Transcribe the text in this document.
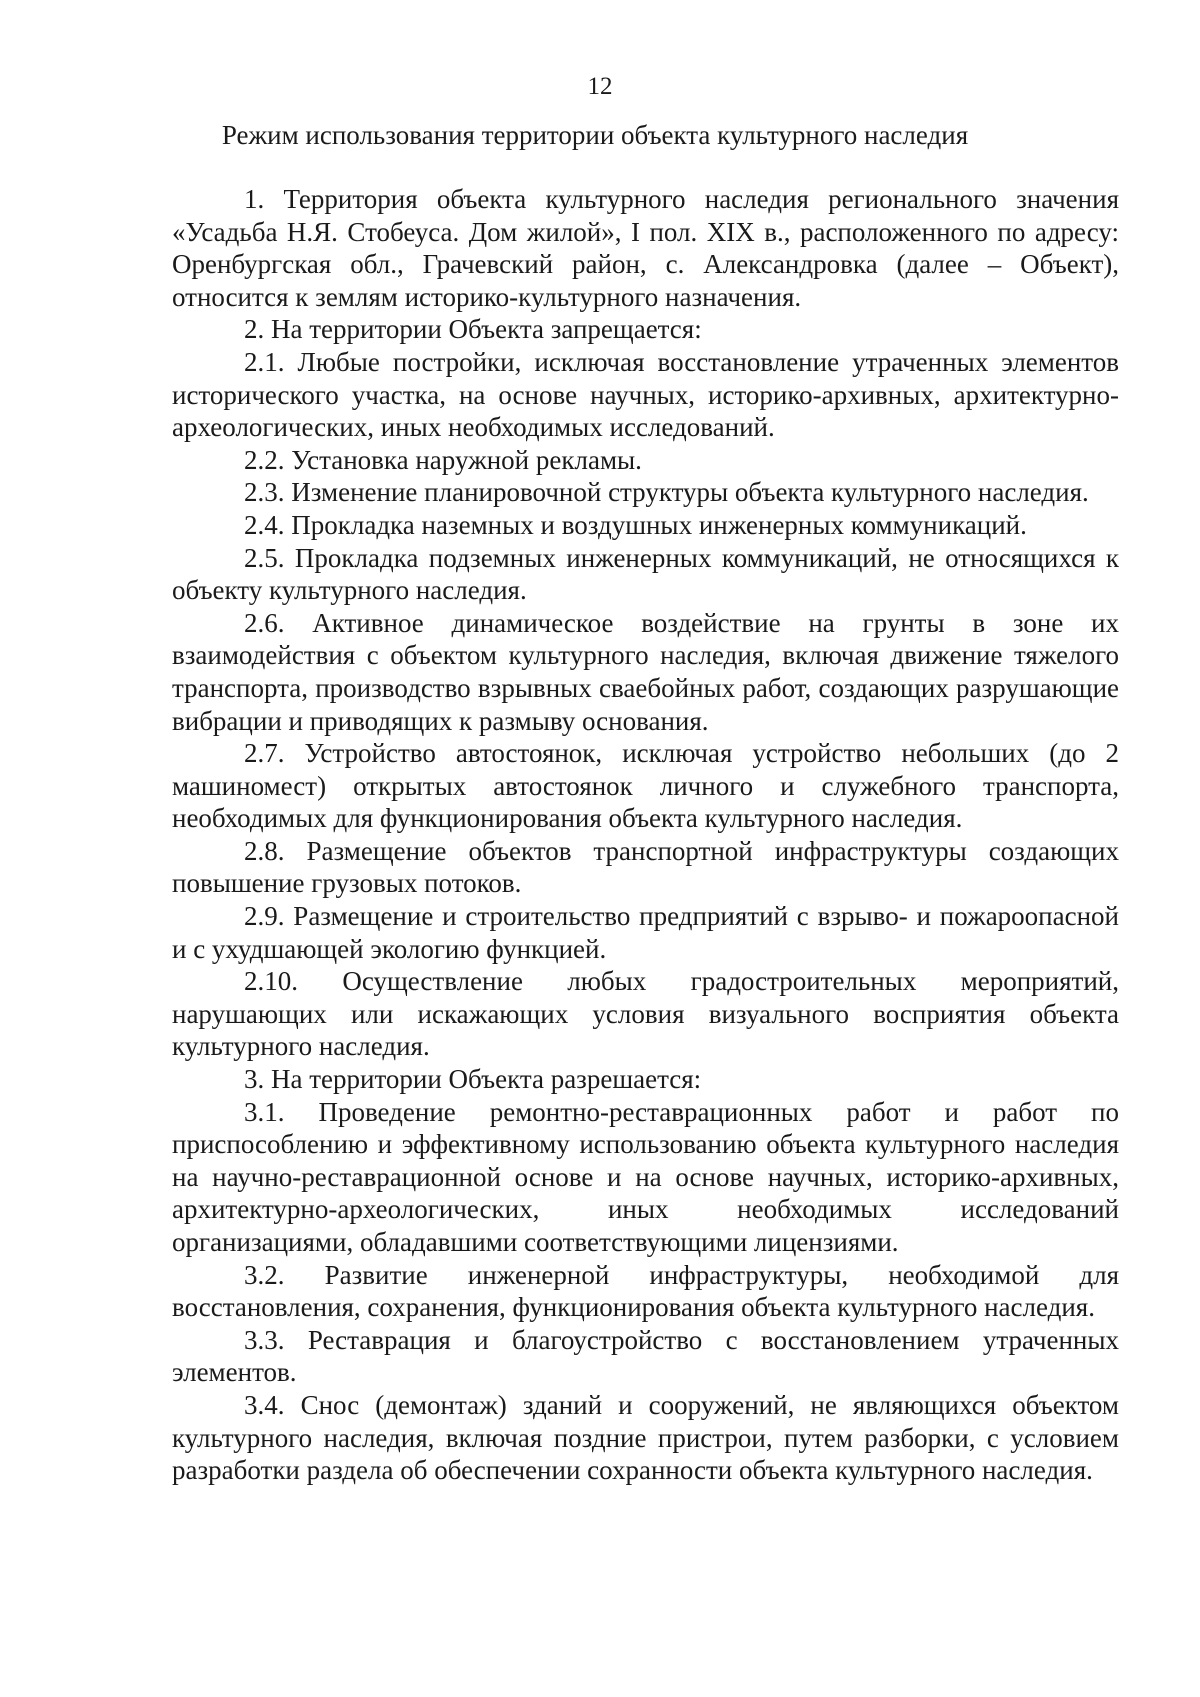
12
Режим использования территории объекта культурного наследия

1. Территория объекта культурного наследия регионального значения «Усадьба Н.Я. Стобеуса. Дом жилой», I пол. XIX в., расположенного по адресу: Оренбургская обл., Грачевский район, с. Александровка (далее – Объект), относится к землям историко-культурного назначения.

2. На территории Объекта запрещается:

2.1. Любые постройки, исключая восстановление утраченных элементов исторического участка, на основе научных, историко-архивных, архитектурно-археологических, иных необходимых исследований.

2.2. Установка наружной рекламы.

2.3. Изменение планировочной структуры объекта культурного наследия.

2.4. Прокладка наземных и воздушных инженерных коммуникаций.

2.5. Прокладка подземных инженерных коммуникаций, не относящихся к объекту культурного наследия.

2.6. Активное динамическое воздействие на грунты в зоне их взаимодействия с объектом культурного наследия, включая движение тяжелого транспорта, производство взрывных сваебойных работ, создающих разрушающие вибрации и приводящих к размыву основания.

2.7. Устройство автостоянок, исключая устройство небольших (до 2 машиномест) открытых автостоянок личного и служебного транспорта, необходимых для функционирования объекта культурного наследия.

2.8. Размещение объектов транспортной инфраструктуры создающих повышение грузовых потоков.

2.9. Размещение и строительство предприятий с взрыво- и пожароопасной и с ухудшающей экологию функцией.

2.10. Осуществление любых градостроительных мероприятий, нарушающих или искажающих условия визуального восприятия объекта культурного наследия.

3. На территории Объекта разрешается:

3.1. Проведение ремонтно-реставрационных работ и работ по приспособлению и эффективному использованию объекта культурного наследия на научно-реставрационной основе и на основе научных, историко-архивных, архитектурно-археологических, иных необходимых исследований организациями, обладавшими соответствующими лицензиями.

3.2. Развитие инженерной инфраструктуры, необходимой для восстановления, сохранения, функционирования объекта культурного наследия.

3.3. Реставрация и благоустройство с восстановлением утраченных элементов.

3.4. Снос (демонтаж) зданий и сооружений, не являющихся объектом культурного наследия, включая поздние пристрои, путем разборки, с условием разработки раздела об обеспечении сохранности объекта культурного наследия.
